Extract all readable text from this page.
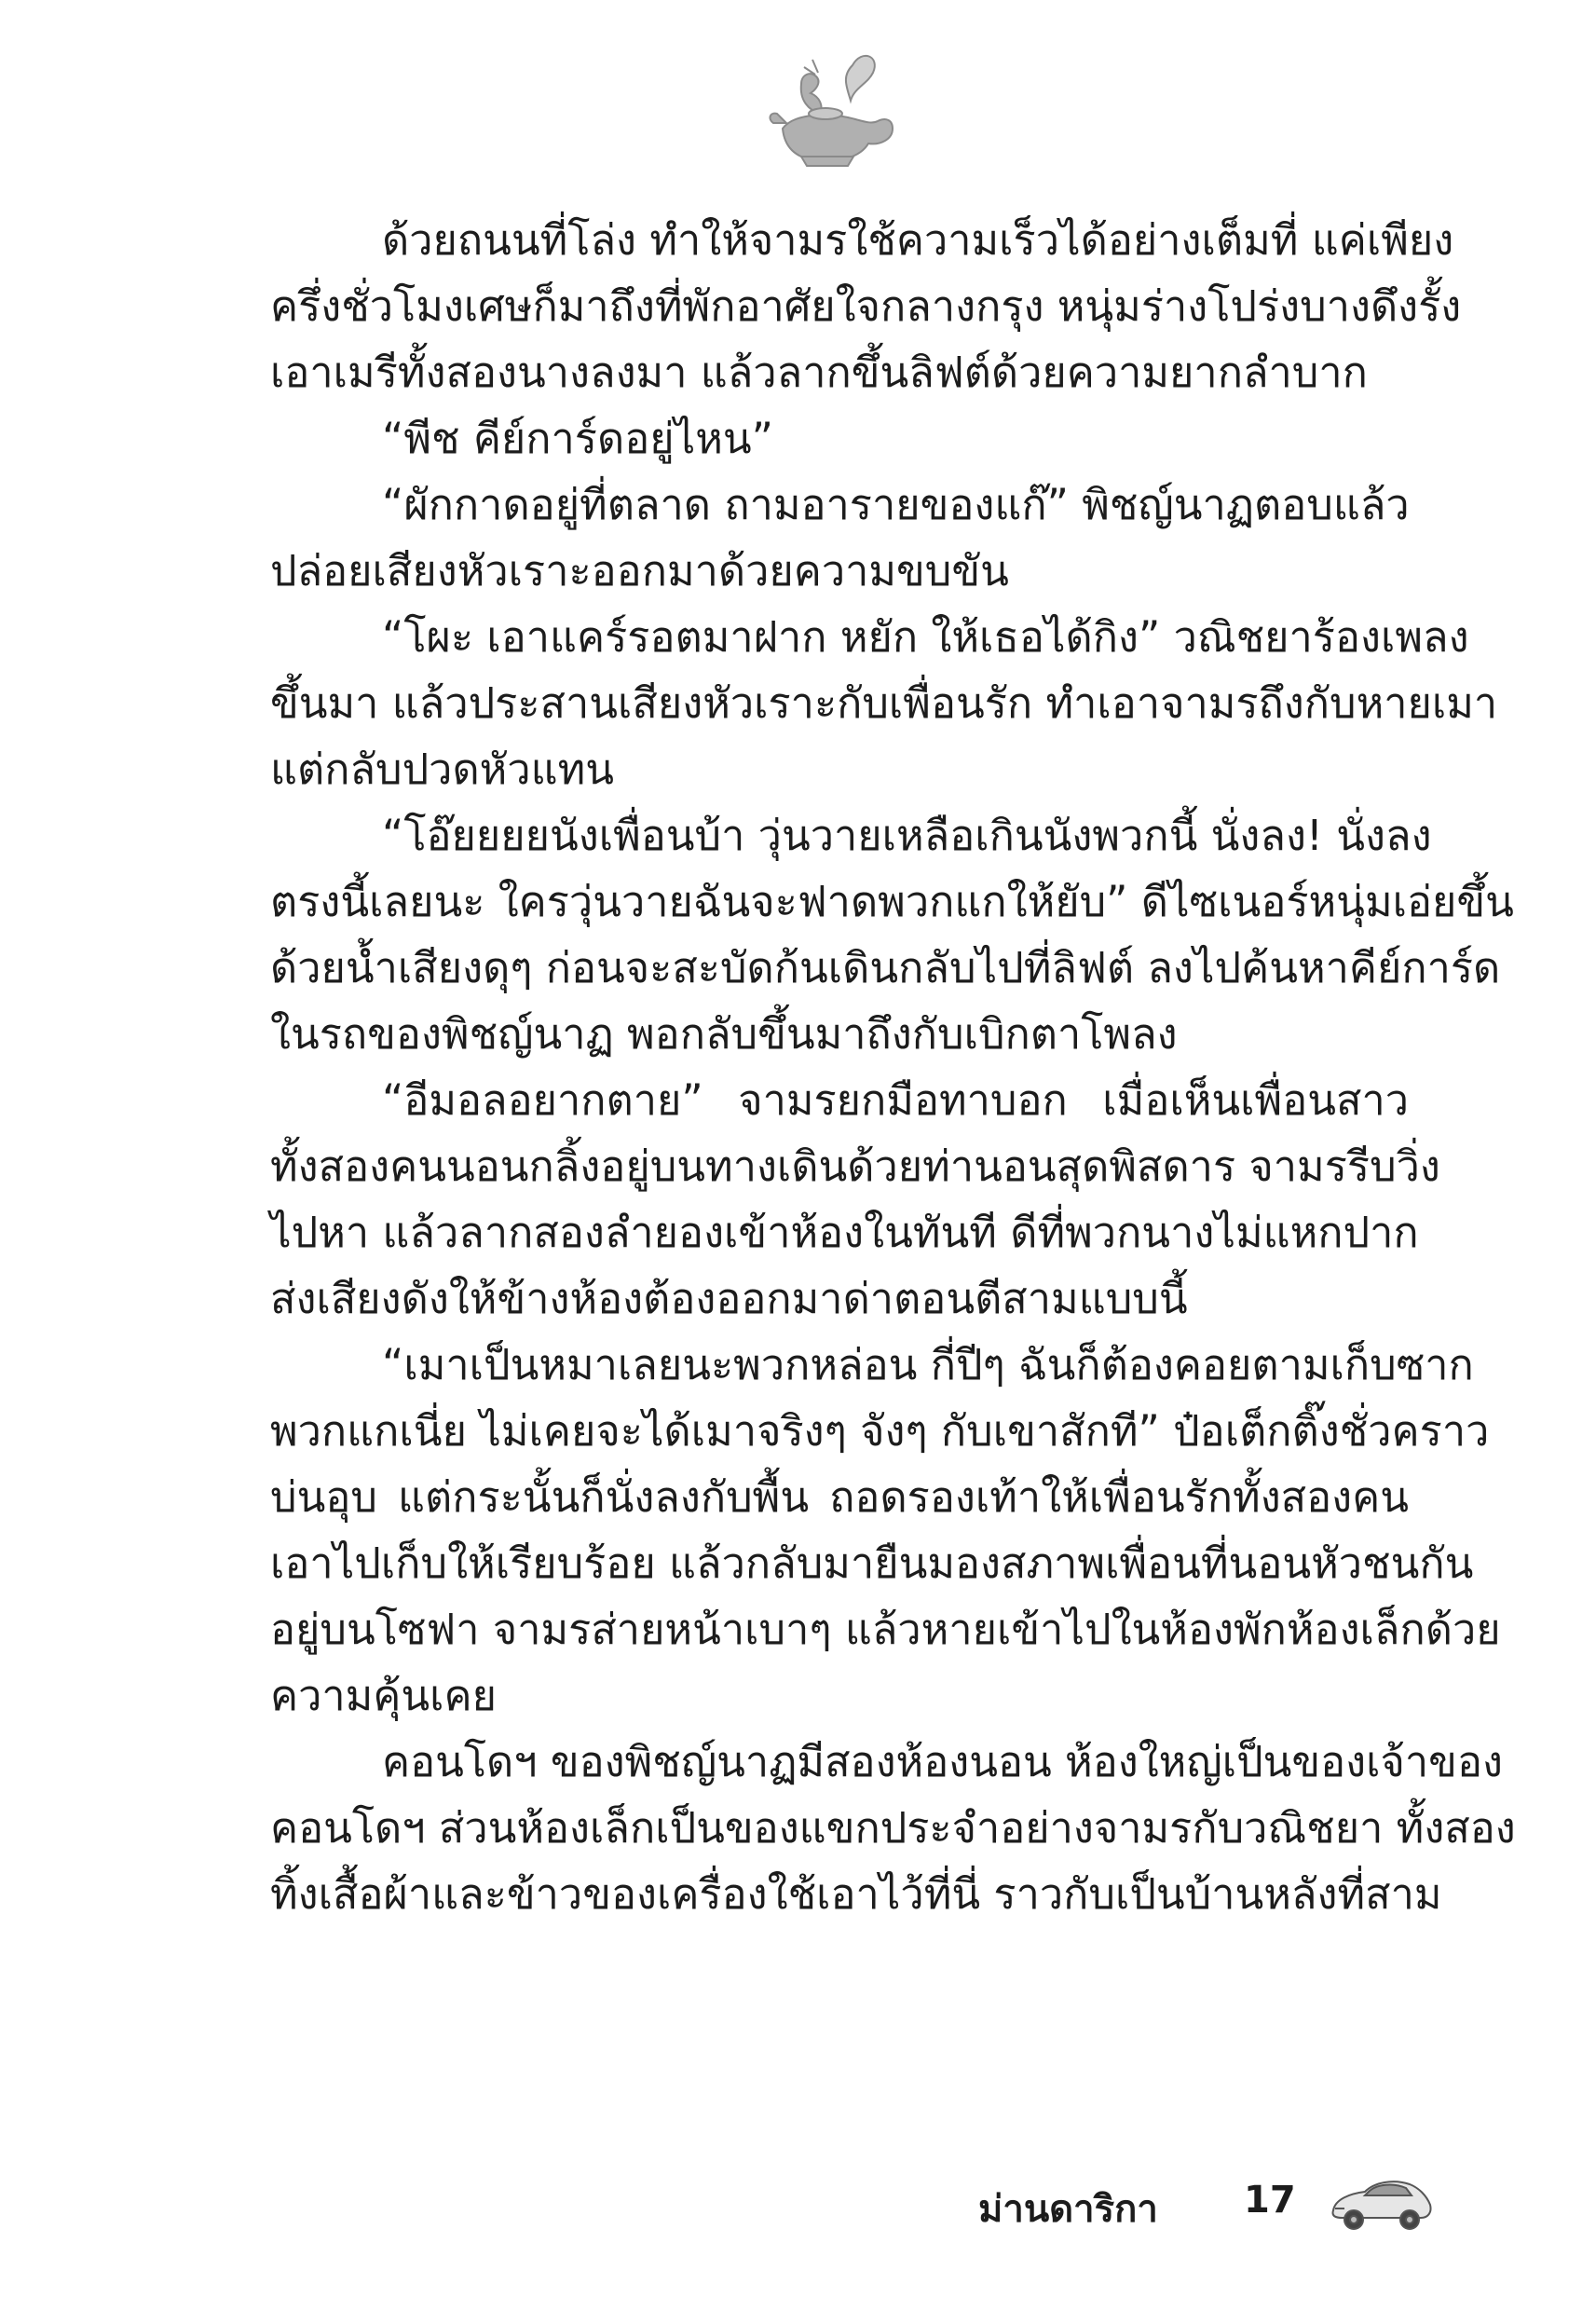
ด้วยถนนที่โล่ง ทำให้จามรใช้ความเร็วได้อย่างเต็มที่ แค่เพียง
ครึ่งชั่วโมงเศษก็มาถึงที่พักอาศัยใจกลางกรุง หนุ่มร่างโปร่งบางดึงรั้ง
เอาเมรีทั้งสองนางลงมา แล้วลากขึ้นลิฟต์ด้วยความยากลำบาก
“พีช คีย์การ์ดอยู่ไหน”
“ผักกาดอยู่ที่ตลาด ถามอารายของแก๊” พิชญ์นาฏตอบแล้ว
ปล่อยเสียงหัวเราะออกมาด้วยความขบขัน
“โผะ เอาแคร์รอตมาฝาก หยัก ให้เธอได้กิง” วณิชยาร้องเพลง
ขึ้นมา แล้วประสานเสียงหัวเราะกับเพื่อนรัก ทำเอาจามรถึงกับหายเมา
แต่กลับปวดหัวแทน
“โอ๊ยยยยนังเพื่อนบ้า วุ่นวายเหลือเกินนังพวกนี้ นั่งลง! นั่งลง
ตรงนี้เลยนะ ใครวุ่นวายฉันจะฟาดพวกแกให้ยับ” ดีไซเนอร์หนุ่มเอ่ยขึ้น
ด้วยน้ำเสียงดุๆ ก่อนจะสะบัดก้นเดินกลับไปที่ลิฟต์ ลงไปค้นหาคีย์การ์ด
ในรถของพิชญ์นาฏ พอกลับขึ้นมาถึงกับเบิกตาโพลง
“อีมอลอยากตาย” จามรยกมือทาบอก เมื่อเห็นเพื่อนสาว
ทั้งสองคนนอนกลิ้งอยู่บนทางเดินด้วยท่านอนสุดพิสดาร จามรรีบวิ่ง
ไปหา แล้วลากสองลำยองเข้าห้องในทันที ดีที่พวกนางไม่แหกปาก
ส่งเสียงดังให้ข้างห้องต้องออกมาด่าตอนตีสามแบบนี้
“เมาเป็นหมาเลยนะพวกหล่อน กี่ปีๆ ฉันก็ต้องคอยตามเก็บซาก
พวกแกเนี่ย ไม่เคยจะได้เมาจริงๆ จังๆ กับเขาสักที” ป๋อเต็กติ๊งชั่วคราว
บ่นอุบ แต่กระนั้นก็นั่งลงกับพื้น ถอดรองเท้าให้เพื่อนรักทั้งสองคน
เอาไปเก็บให้เรียบร้อย แล้วกลับมายืนมองสภาพเพื่อนที่นอนหัวชนกัน
อยู่บนโซฟา จามรส่ายหน้าเบาๆ แล้วหายเข้าไปในห้องพักห้องเล็กด้วย
ความคุ้นเคย
คอนโดฯ ของพิชญ์นาฏมีสองห้องนอน ห้องใหญ่เป็นของเจ้าของ
คอนโดฯ ส่วนห้องเล็กเป็นของแขกประจำอย่างจามรกับวณิชยา ทั้งสอง
ทิ้งเสื้อผ้าและข้าวของเครื่องใช้เอาไว้ที่นี่ ราวกับเป็นบ้านหลังที่สาม
ม่านดาริกา 17
